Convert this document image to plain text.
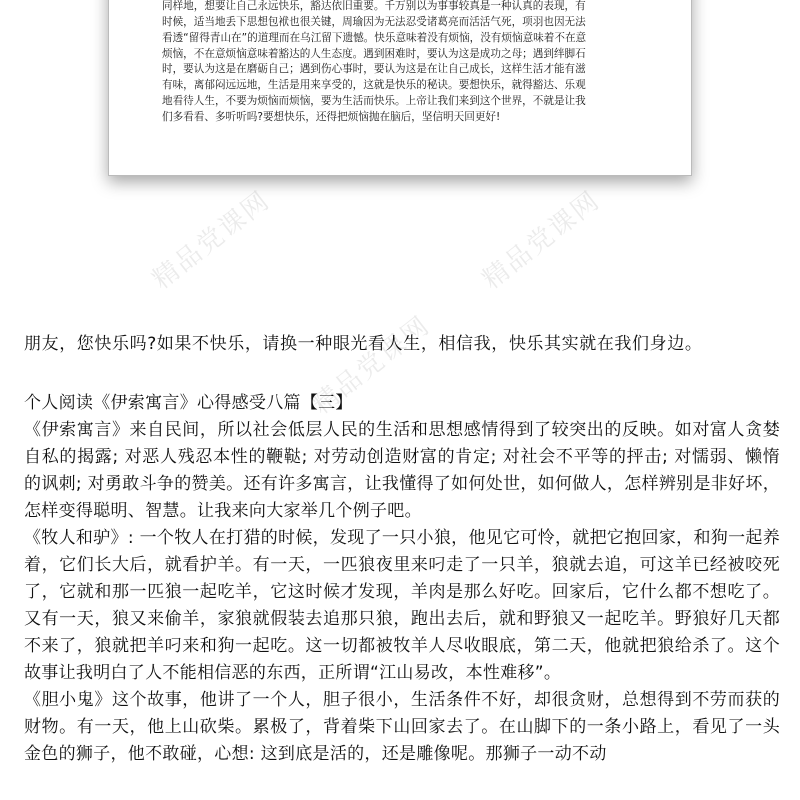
精品党课网	精品党课网
精品党课网
同样地，想要让自己永远快乐，豁达依旧重要。千万别以为事事较真是一种认真的表现，有
时候，适当地丢下思想包袱也很关键，周瑜因为无法忍受诸葛亮而活活气死，项羽也因无法
看透“留得青山在”的道理而在乌江留下遗憾。快乐意味着没有烦恼，没有烦恼意味着不在意
烦恼，不在意烦恼意味着豁达的人生态度。遇到困难时，要认为这是成功之母；遇到绊脚石
时，要认为这是在磨砺自己；遇到伤心事时，要认为这是在让自己成长，这样生活才能有滋
有味，离郁闷远远地，生活是用来享受的，这就是快乐的秘诀。要想快乐，就得豁达、乐观
地看待人生，不要为烦恼而烦恼，要为生活而快乐。上帝让我们来到这个世界，不就是让我
们多看看、多听听吗?要想快乐，还得把烦恼抛在脑后，坚信明天回更好!
朋友，您快乐吗?如果不快乐，请换一种眼光看人生，相信我，快乐其实就在我们身边。

个人阅读《伊索寓言》心得感受八篇【三】

《伊索寓言》来自民间，所以社会低层人民的生活和思想感情得到了较突出的反映。如对富人贪婪自私的揭露; 对恶人残忍本性的鞭鞑; 对劳动创造财富的肯定; 对社会不平等的抨击; 对懦弱、懒惰的讽刺; 对勇敢斗争的赞美。还有许多寓言，让我懂得了如何处世，如何做人，怎样辨别是非好坏，怎样变得聪明、智慧。让我来向大家举几个例子吧。

《牧人和驴》: 一个牧人在打猎的时候，发现了一只小狼，他见它可怜，就把它抱回家，和狗一起养着，它们长大后，就看护羊。有一天，一匹狼夜里来叼走了一只羊，狼就去追，可这羊已经被咬死了，它就和那一匹狼一起吃羊，它这时候才发现，羊肉是那么好吃。回家后，它什么都不想吃了。又有一天，狼又来偷羊，家狼就假装去追那只狼，跑出去后，就和野狼又一起吃羊。野狼好几天都不来了，狼就把羊叼来和狗一起吃。这一切都被牧羊人尽收眼底，第二天，他就把狼给杀了。这个故事让我明白了人不能相信恶的东西，正所谓“江山易改，本性难移”。

《胆小鬼》这个故事，他讲了一个人，胆子很小，生活条件不好，却很贪财，总想得到不劳而获的财物。有一天，他上山砍柴。累极了，背着柴下山回家去了。在山脚下的一条小路上，看见了一头金色的狮子，他不敢碰，心想: 这到底是活的，还是雕像呢。那狮子一动不动
